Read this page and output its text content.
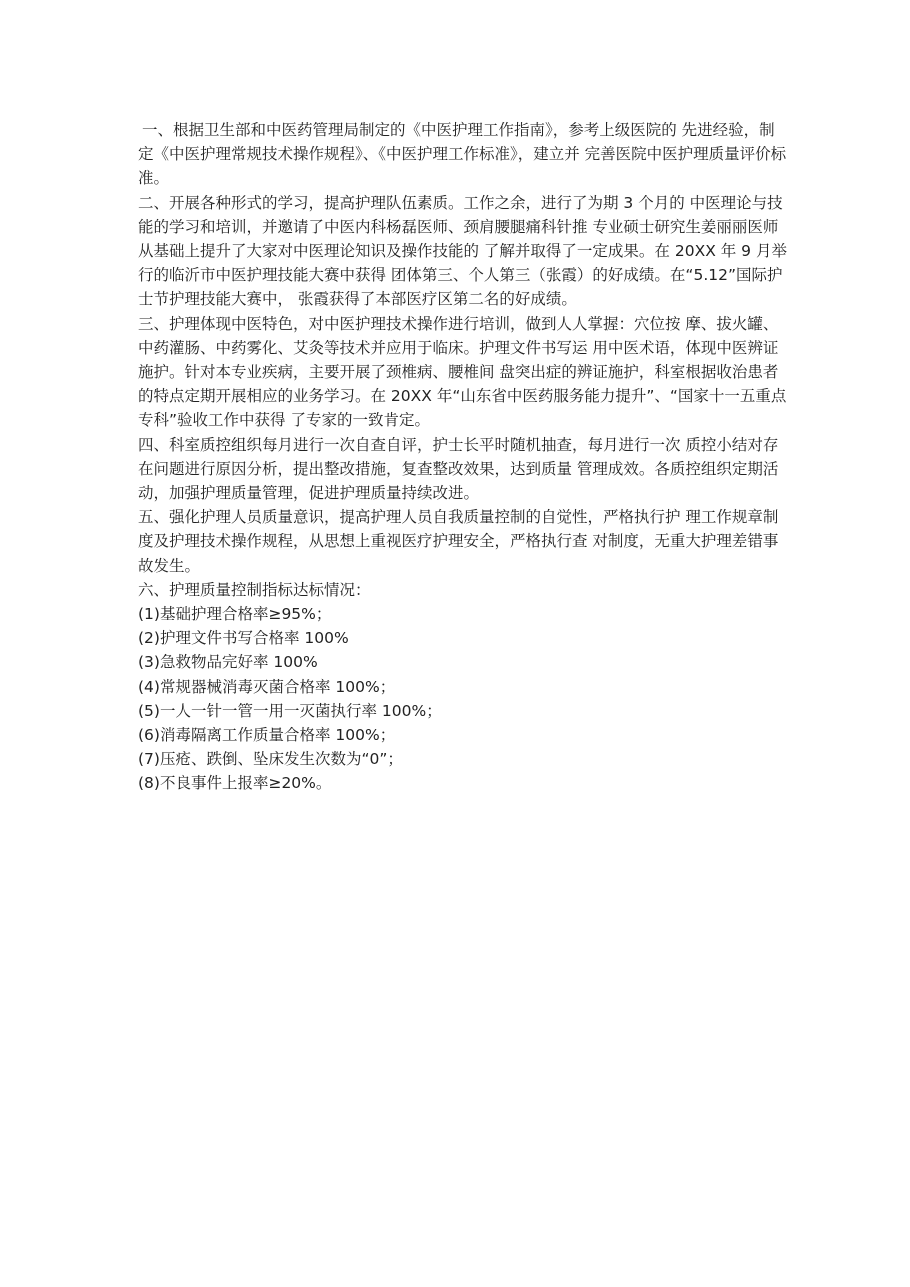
一、根据卫生部和中医药管理局制定的《中医护理工作指南》，参考上级医院的 先进经验，制定《中医护理常规技术操作规程》、《中医护理工作标准》，建立并 完善医院中医护理质量评价标准。

二、开展各种形式的学习，提高护理队伍素质。工作之余，进行了为期 3 个月的 中医理论与技能的学习和培训，并邀请了中医内科杨磊医师、颈肩腰腿痛科针推 专业硕士研究生姜丽丽医师从基础上提升了大家对中医理论知识及操作技能的 了解并取得了一定成果。在 20XX 年 9 月举行的临沂市中医护理技能大赛中获得 团体第三、个人第三（张霞）的好成绩。在“5.12”国际护士节护理技能大赛中， 张霞获得了本部医疗区第二名的好成绩。

三、护理体现中医特色，对中医护理技术操作进行培训，做到人人掌握：穴位按 摩、拔火罐、中药灌肠、中药雾化、艾灸等技术并应用于临床。护理文件书写运 用中医术语，体现中医辨证施护。针对本专业疾病，主要开展了颈椎病、腰椎间 盘突出症的辨证施护，科室根据收治患者的特点定期开展相应的业务学习。在 20XX 年“山东省中医药服务能力提升”、“国家十一五重点专科”验收工作中获得 了专家的一致肯定。

四、科室质控组织每月进行一次自查自评，护士长平时随机抽查，每月进行一次 质控小结对存在问题进行原因分析，提出整改措施，复查整改效果，达到质量 管理成效。各质控组织定期活动，加强护理质量管理，促进护理质量持续改进。

五、强化护理人员质量意识，提高护理人员自我质量控制的自觉性，严格执行护 理工作规章制度及护理技术操作规程，从思想上重视医疗护理安全，严格执行查 对制度，无重大护理差错事故发生。

六、护理质量控制指标达标情况：

(1)基础护理合格率≥95%；
(2)护理文件书写合格率 100%
(3)急救物品完好率 100%
(4)常规器械消毒灭菌合格率 100%；
(5)一人一针一管一用一灭菌执行率 100%；
(6)消毒隔离工作质量合格率 100%；
(7)压疮、跌倒、坠床发生次数为“0”；
(8)不良事件上报率≥20%。
